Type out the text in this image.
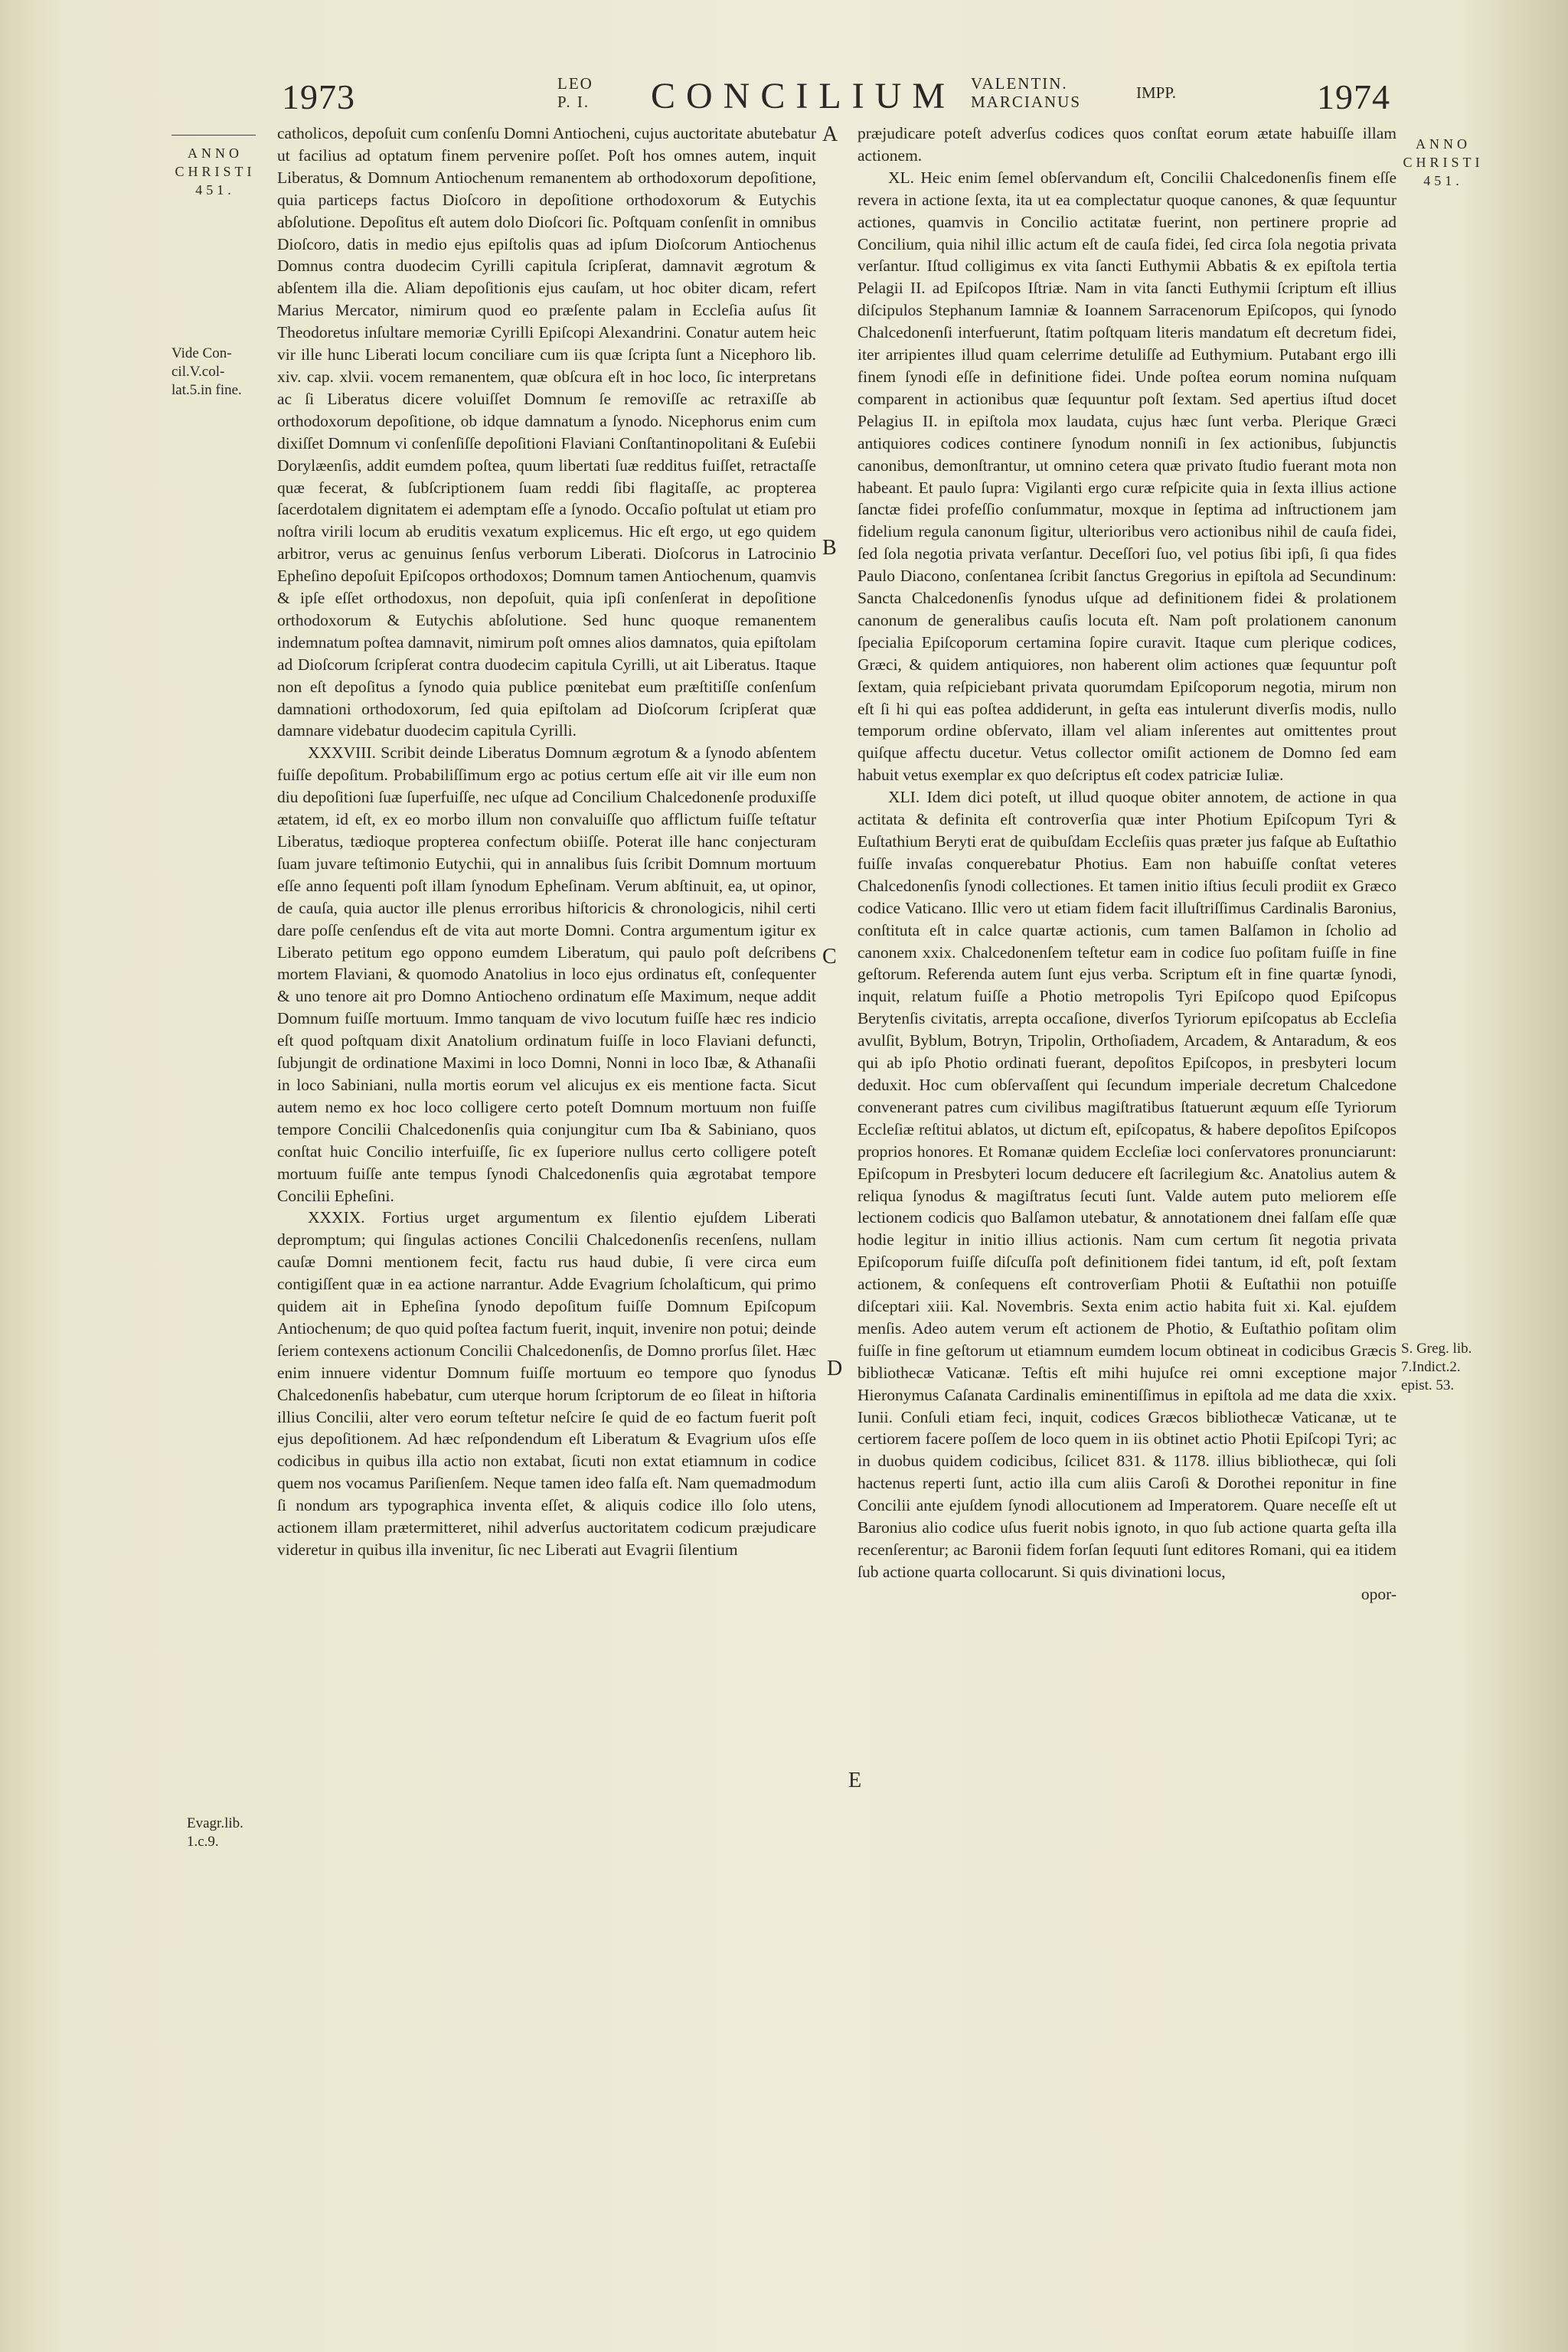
1973	LEO
P. I. CONCILIUM VALENTIN.
MARCIANUS	IMPP.	1974
ANNO
CHRISTI
451.
Vide Con-
cil.V.col-
lat.5.in fine.
Evagr.lib.
1.c.9.
A
B
C
D
E

catholicos, depoſuit cum conſenſu Domni Antiocheni, cujus auctoritate abutebatur ut facilius ad optatum finem pervenire poſſet. Poſt hos omnes autem, inquit Liberatus, & Domnum Antiochenum remanentem ab orthodoxorum depoſitione, quia particeps factus Dioſcoro in depoſitione orthodoxorum & Eutychis abſolutione. Depoſitus eſt autem dolo Dioſcori ſic. Poſtquam conſenſit in omnibus Dioſcoro, datis in medio ejus epiſtolis quas ad ipſum Dioſcorum Antiochenus Domnus contra duodecim Cyrilli capitula ſcripſerat, damnavit ægrotum & abſentem illa die. Aliam depoſitionis ejus cauſam, ut hoc obiter dicam, refert Marius Mercator, nimirum quod eo præſente palam in Eccleſia auſus ſit Theodoretus inſultare memoriæ Cyrilli Epiſcopi Alexandrini. Conatur autem heic vir ille hunc Liberati locum conciliare cum iis quæ ſcripta ſunt a Nicephoro lib. xiv. cap. xlvii. vocem remanentem, quæ obſcura eſt in hoc loco, ſic interpretans ac ſi Liberatus dicere voluiſſet Domnum ſe removiſſe ac retraxiſſe ab orthodoxorum depoſitione, ob idque damnatum a ſynodo. Nicephorus enim cum dixiſſet Domnum vi conſenſiſſe depoſitioni Flaviani Conſtantinopolitani & Euſebii Dorylæenſis, addit eumdem poſtea, quum libertati ſuæ redditus fuiſſet, retractaſſe quæ fecerat, & ſubſcriptionem ſuam reddi ſibi flagitaſſe, ac propterea ſacerdotalem dignitatem ei ademptam eſſe a ſynodo. Occaſio poſtulat ut etiam pro noſtra virili locum ab eruditis vexatum explicemus. Hic eſt ergo, ut ego quidem arbitror, verus ac genuinus ſenſus verborum Liberati. Dioſcorus in Latrocinio Epheſino depoſuit Epiſcopos orthodoxos; Domnum tamen Antiochenum, quamvis & ipſe eſſet orthodoxus, non depoſuit, quia ipſi conſenſerat in depoſitione orthodoxorum & Eutychis abſolutione. Sed hunc quoque remanentem indemnatum poſtea damnavit, nimirum poſt omnes alios damnatos, quia epiſtolam ad Dioſcorum ſcripſerat contra duodecim capitula Cyrilli, ut ait Liberatus. Itaque non eſt depoſitus a ſynodo quia publice pœnitebat eum præſtitiſſe conſenſum damnationi orthodoxorum, ſed quia epiſtolam ad Dioſcorum ſcripſerat quæ damnare videbatur duodecim capitula Cyrilli.

XXXVIII. Scribit deinde Liberatus Domnum ægrotum & a ſynodo abſentem fuiſſe depoſitum. Probabiliſſimum ergo ac potius certum eſſe ait vir ille eum non diu depoſitioni ſuæ ſuperfuiſſe, nec uſque ad Concilium Chalcedonenſe produxiſſe ætatem, id eſt, ex eo morbo illum non convaluiſſe quo afflictum fuiſſe teſtatur Liberatus, tædioque propterea confectum obiiſſe. Poterat ille hanc conjecturam ſuam juvare teſtimonio Eutychii, qui in annalibus ſuis ſcribit Domnum mortuum eſſe anno ſequenti poſt illam ſynodum Epheſinam. Verum abſtinuit, ea, ut opinor, de cauſa, quia auctor ille plenus erroribus hiſtoricis & chronologicis, nihil certi dare poſſe cenſendus eſt de vita aut morte Domni. Contra argumentum igitur ex Liberato petitum ego oppono eumdem Liberatum, qui paulo poſt deſcribens mortem Flaviani, & quomodo Anatolius in loco ejus ordinatus eſt, conſequenter & uno tenore ait pro Domno Antiocheno ordinatum eſſe Maximum, neque addit Domnum fuiſſe mortuum. Immo tanquam de vivo locutum fuiſſe hæc res indicio eſt quod poſtquam dixit Anatolium ordinatum fuiſſe in loco Flaviani defuncti, ſubjungit de ordinatione Maximi in loco Domni, Nonni in loco Ibæ, & Athanaſii in loco Sabiniani, nulla mortis eorum vel alicujus ex eis mentione facta. Sicut autem nemo ex hoc loco colligere certo poteſt Domnum mortuum non fuiſſe tempore Concilii Chalcedonenſis quia conjungitur cum Iba & Sabiniano, quos conſtat huic Concilio interfuiſſe, ſic ex ſuperiore nullus certo colligere poteſt mortuum fuiſſe ante tempus ſynodi Chalcedonenſis quia ægrotabat tempore Concilii Epheſini.

XXXIX. Fortius urget argumentum ex ſilentio ejuſdem Liberati depromptum; qui ſingulas actiones Concilii Chalcedonenſis recenſens, nullam cauſæ Domni mentionem fecit, factu rus haud dubie, ſi vere circa eum contigiſſent quæ in ea actione narrantur. Adde Evagrium ſcholaſticum, qui primo quidem ait in Epheſina ſynodo depoſitum fuiſſe Domnum Epiſcopum Antiochenum; de quo quid poſtea factum fuerit, inquit, invenire non potui; deinde ſeriem contexens actionum Concilii Chalcedonenſis, de Domno prorſus ſilet. Hæc enim innuere videntur Domnum fuiſſe mortuum eo tempore quo ſynodus Chalcedonenſis habebatur, cum uterque horum ſcriptorum de eo ſileat in hiſtoria illius Concilii, alter vero eorum teſtetur neſcire ſe quid de eo factum fuerit poſt ejus depoſitionem. Ad hæc reſpondendum eſt Liberatum & Evagrium uſos eſſe codicibus in quibus illa actio non extabat, ſicuti non extat etiamnum in codice quem nos vocamus Pariſienſem. Neque tamen ideo falſa eſt. Nam quemadmodum ſi nondum ars typographica inventa eſſet, & aliquis codice illo ſolo utens, actionem illam prætermitteret, nihil adverſus auctoritatem codicum præjudicare videretur in quibus illa invenitur, ſic nec Liberati aut Evagrii ſilentium

præjudicare poteſt adverſus codices quos conſtat eorum ætate habuiſſe illam actionem.

XL. Heic enim ſemel obſervandum eſt, Concilii Chalcedonenſis finem eſſe revera in actione ſexta, ita ut ea complectatur quoque canones, & quæ ſequuntur actiones, quamvis in Concilio actitatæ fuerint, non pertinere proprie ad Concilium, quia nihil illic actum eſt de cauſa fidei, ſed circa ſola negotia privata verſantur. Iſtud colligimus ex vita ſancti Euthymii Abbatis & ex epiſtola tertia Pelagii II. ad Epiſcopos Iſtriæ. Nam in vita ſancti Euthymii ſcriptum eſt illius diſcipulos Stephanum Iamniæ & Ioannem Sarracenorum Epiſcopos, qui ſynodo Chalcedonenſi interfuerunt, ſtatim poſtquam literis mandatum eſt decretum fidei, iter arripientes illud quam celerrime detuliſſe ad Euthymium. Putabant ergo illi finem ſynodi eſſe in definitione fidei. Unde poſtea eorum nomina nuſquam comparent in actionibus quæ ſequuntur poſt ſextam. Sed apertius iſtud docet Pelagius II. in epiſtola mox laudata, cujus hæc ſunt verba. Plerique Græci antiquiores codices continere ſynodum nonniſi in ſex actionibus, ſubjunctis canonibus, demonſtrantur, ut omnino cetera quæ privato ſtudio fuerant mota non habeant. Et paulo ſupra: Vigilanti ergo curæ reſpicite quia in ſexta illius actione ſanctæ fidei profeſſio conſummatur, moxque in ſeptima ad inſtructionem jam fidelium regula canonum ſigitur, ulterioribus vero actionibus nihil de cauſa fidei, ſed ſola negotia privata verſantur. Deceſſori ſuo, vel potius ſibi ipſi, ſi qua fides Paulo Diacono, conſentanea ſcribit ſanctus Gregorius in epiſtola ad Secundinum: Sancta Chalcedonenſis ſynodus uſque ad definitionem fidei & prolationem canonum de generalibus cauſis locuta eſt. Nam poſt prolationem canonum ſpecialia Epiſcoporum certamina ſopire curavit. Itaque cum plerique codices, Græci, & quidem antiquiores, non haberent olim actiones quæ ſequuntur poſt ſextam, quia reſpiciebant privata quorumdam Epiſcoporum negotia, mirum non eſt ſi hi qui eas poſtea addiderunt, in geſta eas intulerunt diverſis modis, nullo temporum ordine obſervato, illam vel aliam inſerentes aut omittentes prout quiſque affectu ducetur. Vetus collector omiſit actionem de Domno ſed eam habuit vetus exemplar ex quo deſcriptus eſt codex patriciæ Iuliæ.

XLI. Idem dici poteſt, ut illud quoque obiter annotem, de actione in qua actitata & definita eſt controverſia quæ inter Photium Epiſcopum Tyri & Euſtathium Beryti erat de quibuſdam Eccleſiis quas præter jus faſque ab Euſtathio fuiſſe invaſas conquerebatur Photius. Eam non habuiſſe conſtat veteres Chalcedonenſis ſynodi collectiones. Et tamen initio iſtius ſeculi prodiit ex Græco codice Vaticano. Illic vero ut etiam fidem facit illuſtriſſimus Cardinalis Baronius, conſtituta eſt in calce quartæ actionis, cum tamen Balſamon in ſcholio ad canonem xxix. Chalcedonenſem teſtetur eam in codice ſuo poſitam fuiſſe in fine geſtorum. Referenda autem ſunt ejus verba. Scriptum eſt in fine quartæ ſynodi, inquit, relatum fuiſſe a Photio metropolis Tyri Epiſcopo quod Epiſcopus Berytenſis civitatis, arrepta occaſione, diverſos Tyriorum epiſcopatus ab Eccleſia avulſit, Byblum, Botryn, Tripolin, Orthoſiadem, Arcadem, & Antaradum, & eos qui ab ipſo Photio ordinati fuerant, depoſitos Epiſcopos, in presbyteri locum deduxit. Hoc cum obſervaſſent qui ſecundum imperiale decretum Chalcedone convenerant patres cum civilibus magiſtratibus ſtatuerunt æquum eſſe Tyriorum Eccleſiæ reſtitui ablatos, ut dictum eſt, epiſcopatus, & habere depoſitos Epiſcopos proprios honores. Et Romanæ quidem Eccleſiæ loci conſervatores pronunciarunt: Epiſcopum in Presbyteri locum deducere eſt ſacrilegium &c. Anatolius autem & reliqua ſynodus & magiſtratus ſecuti ſunt. Valde autem puto meliorem eſſe lectionem codicis quo Balſamon utebatur, & annotationem dnei falſam eſſe quæ hodie legitur in initio illius actionis. Nam cum certum ſit negotia privata Epiſcoporum fuiſſe diſcuſſa poſt definitionem fidei tantum, id eſt, poſt ſextam actionem, & conſequens eſt controverſiam Photii & Euſtathii non potuiſſe diſceptari xiii. Kal. Novembris. Sexta enim actio habita fuit xi. Kal. ejuſdem menſis. Adeo autem verum eſt actionem de Photio, & Euſtathio poſitam olim fuiſſe in fine geſtorum ut etiamnum eumdem locum obtineat in codicibus Græcis bibliothecæ Vaticanæ. Teſtis eſt mihi hujuſce rei omni exceptione major Hieronymus Caſanata Cardinalis eminentiſſimus in epiſtola ad me data die xxix. Iunii. Conſuli etiam feci, inquit, codices Græcos bibliothecæ Vaticanæ, ut te certiorem facere poſſem de loco quem in iis obtinet actio Photii Epiſcopi Tyri; ac in duobus quidem codicibus, ſcilicet 831. & 1178. illius bibliothecæ, qui ſoli hactenus reperti ſunt, actio illa cum aliis Caroſi & Dorothei reponitur in fine Concilii ante ejuſdem ſynodi allocutionem ad Imperatorem. Quare neceſſe eſt ut Baronius alio codice uſus fuerit nobis ignoto, in quo ſub actione quarta geſta illa recenſerentur; ac Baronii fidem forſan ſequuti ſunt editores Romani, qui ea itidem ſub actione quarta collocarunt. Si quis divinationi locus,

opor-
ANNO
CHRISTI
451.
S. Greg. lib.
7.Indict.2.
epist. 53.
